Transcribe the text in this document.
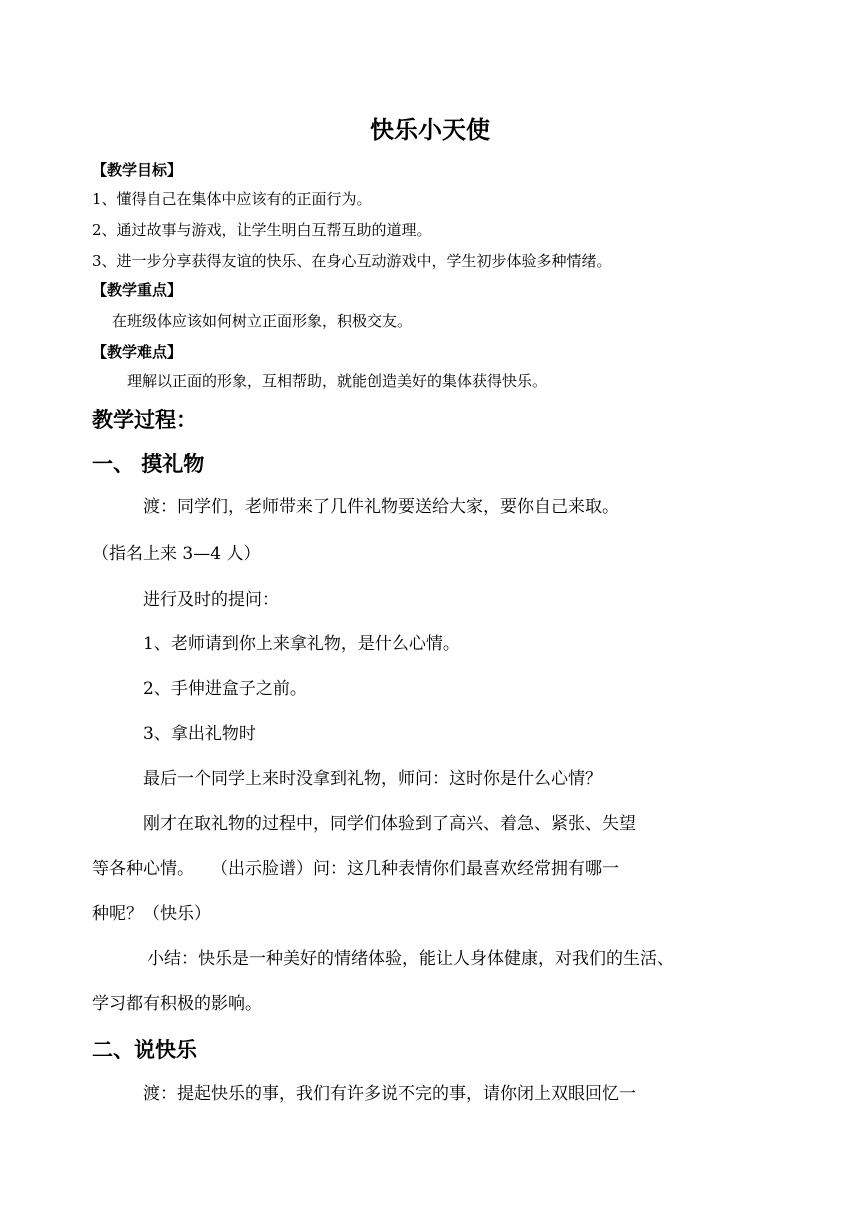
快乐小天使
【教学目标】
1、懂得自己在集体中应该有的正面行为。
2、通过故事与游戏，让学生明白互帮互助的道理。
3、进一步分享获得友谊的快乐、在身心互动游戏中，学生初步体验多种情绪。
【教学重点】
在班级体应该如何树立正面形象，积极交友。
【教学难点】
理解以正面的形象，互相帮助，就能创造美好的集体获得快乐。
教学过程：
一、 摸礼物
渡：同学们，老师带来了几件礼物要送给大家，要你自己来取。
（指名上来 3—4 人）
进行及时的提问：
1、老师请到你上来拿礼物，是什么心情。
2、手伸进盒子之前。
3、拿出礼物时
最后一个同学上来时没拿到礼物，师问：这时你是什么心情？
刚才在取礼物的过程中，同学们体验到了高兴、着急、紧张、失望
等各种心情。　　（出示脸谱）问：这几种表情你们最喜欢经常拥有哪一
种呢？（快乐）
小结：快乐是一种美好的情绪体验，能让人身体健康，对我们的生活、
学习都有积极的影响。
二、说快乐
渡：提起快乐的事，我们有许多说不完的事，请你闭上双眼回忆一
